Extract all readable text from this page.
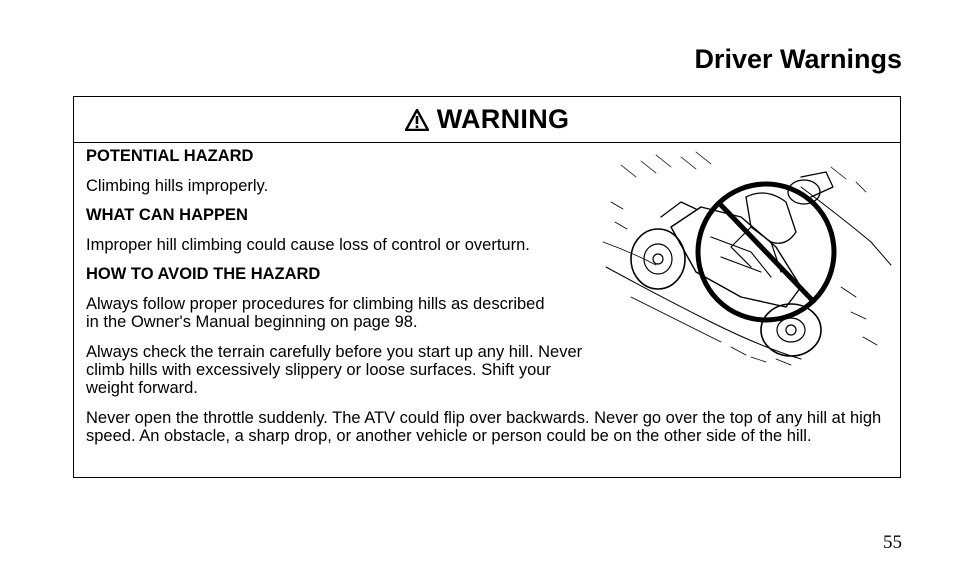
Driver Warnings
WARNING

POTENTIAL HAZARD

Climbing hills improperly.

WHAT CAN HAPPEN

Improper hill climbing could cause loss of control or overturn.

HOW TO AVOID THE HAZARD

Always follow proper procedures for climbing hills as described in the Owner's Manual beginning on page 98.

Always check the terrain carefully before you start up any hill. Never climb hills with excessively slippery or loose surfaces. Shift your weight forward.

Never open the throttle suddenly. The ATV could flip over backwards. Never go over the top of any hill at high speed. An obstacle, a sharp drop, or another vehicle or person could be on the other side of the hill.

55
